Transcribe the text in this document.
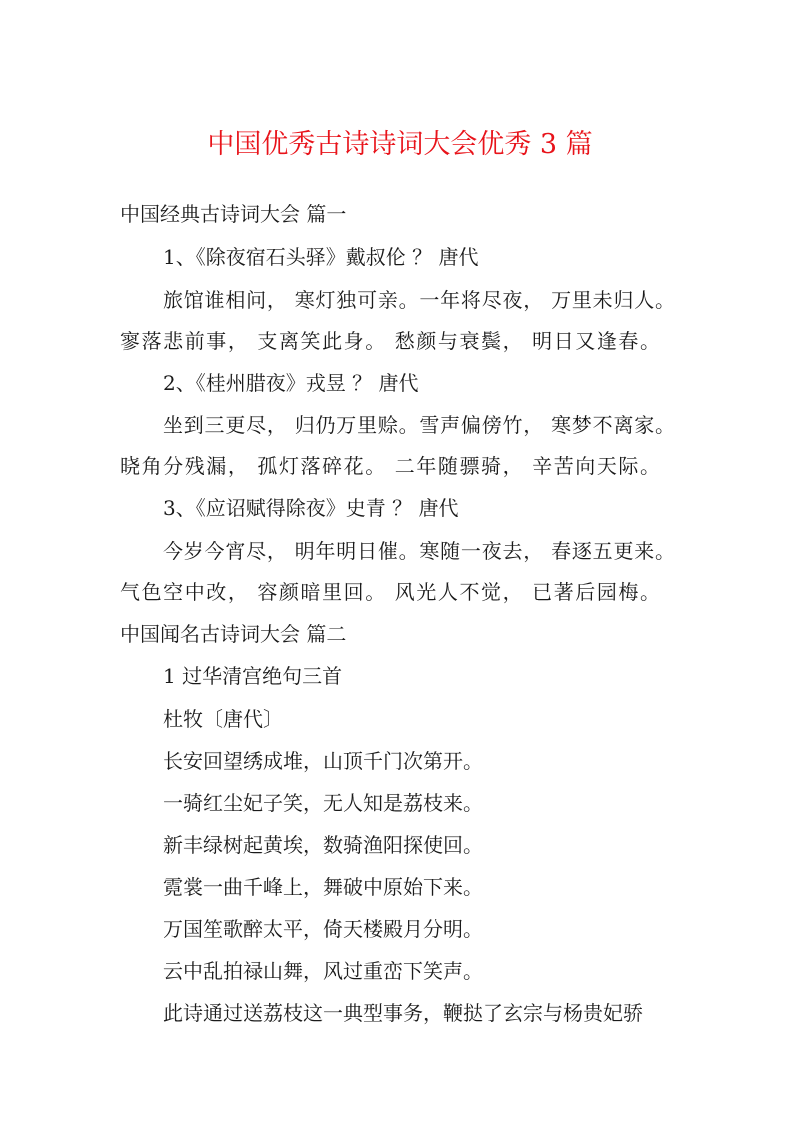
中国优秀古诗诗词大会优秀 3 篇
中国经典古诗词大会 篇一
1、《除夜宿石头驿》戴叔伦 ？ 唐代
旅馆谁相问， 寒灯独可亲。一年将尽夜， 万里未归人。
寥落悲前事， 支离笑此身。 愁颜与衰鬓， 明日又逢春。
2、《桂州腊夜》戎昱 ？ 唐代
坐到三更尽， 归仍万里赊。雪声偏傍竹， 寒梦不离家。
晓角分残漏， 孤灯落碎花。 二年随骠骑， 辛苦向天际。
3、《应诏赋得除夜》史青 ？ 唐代
今岁今宵尽， 明年明日催。寒随一夜去， 春逐五更来。
气色空中改， 容颜暗里回。 风光人不觉， 已著后园梅。
中国闻名古诗词大会 篇二
1 过华清宫绝句三首
杜牧〔唐代〕
长安回望绣成堆，山顶千门次第开。
一骑红尘妃子笑，无人知是荔枝来。
新丰绿树起黄埃，数骑渔阳探使回。
霓裳一曲千峰上，舞破中原始下来。
万国笙歌醉太平，倚天楼殿月分明。
云中乱拍禄山舞，风过重峦下笑声。
此诗通过送荔枝这一典型事务，鞭挞了玄宗与杨贵妃骄
